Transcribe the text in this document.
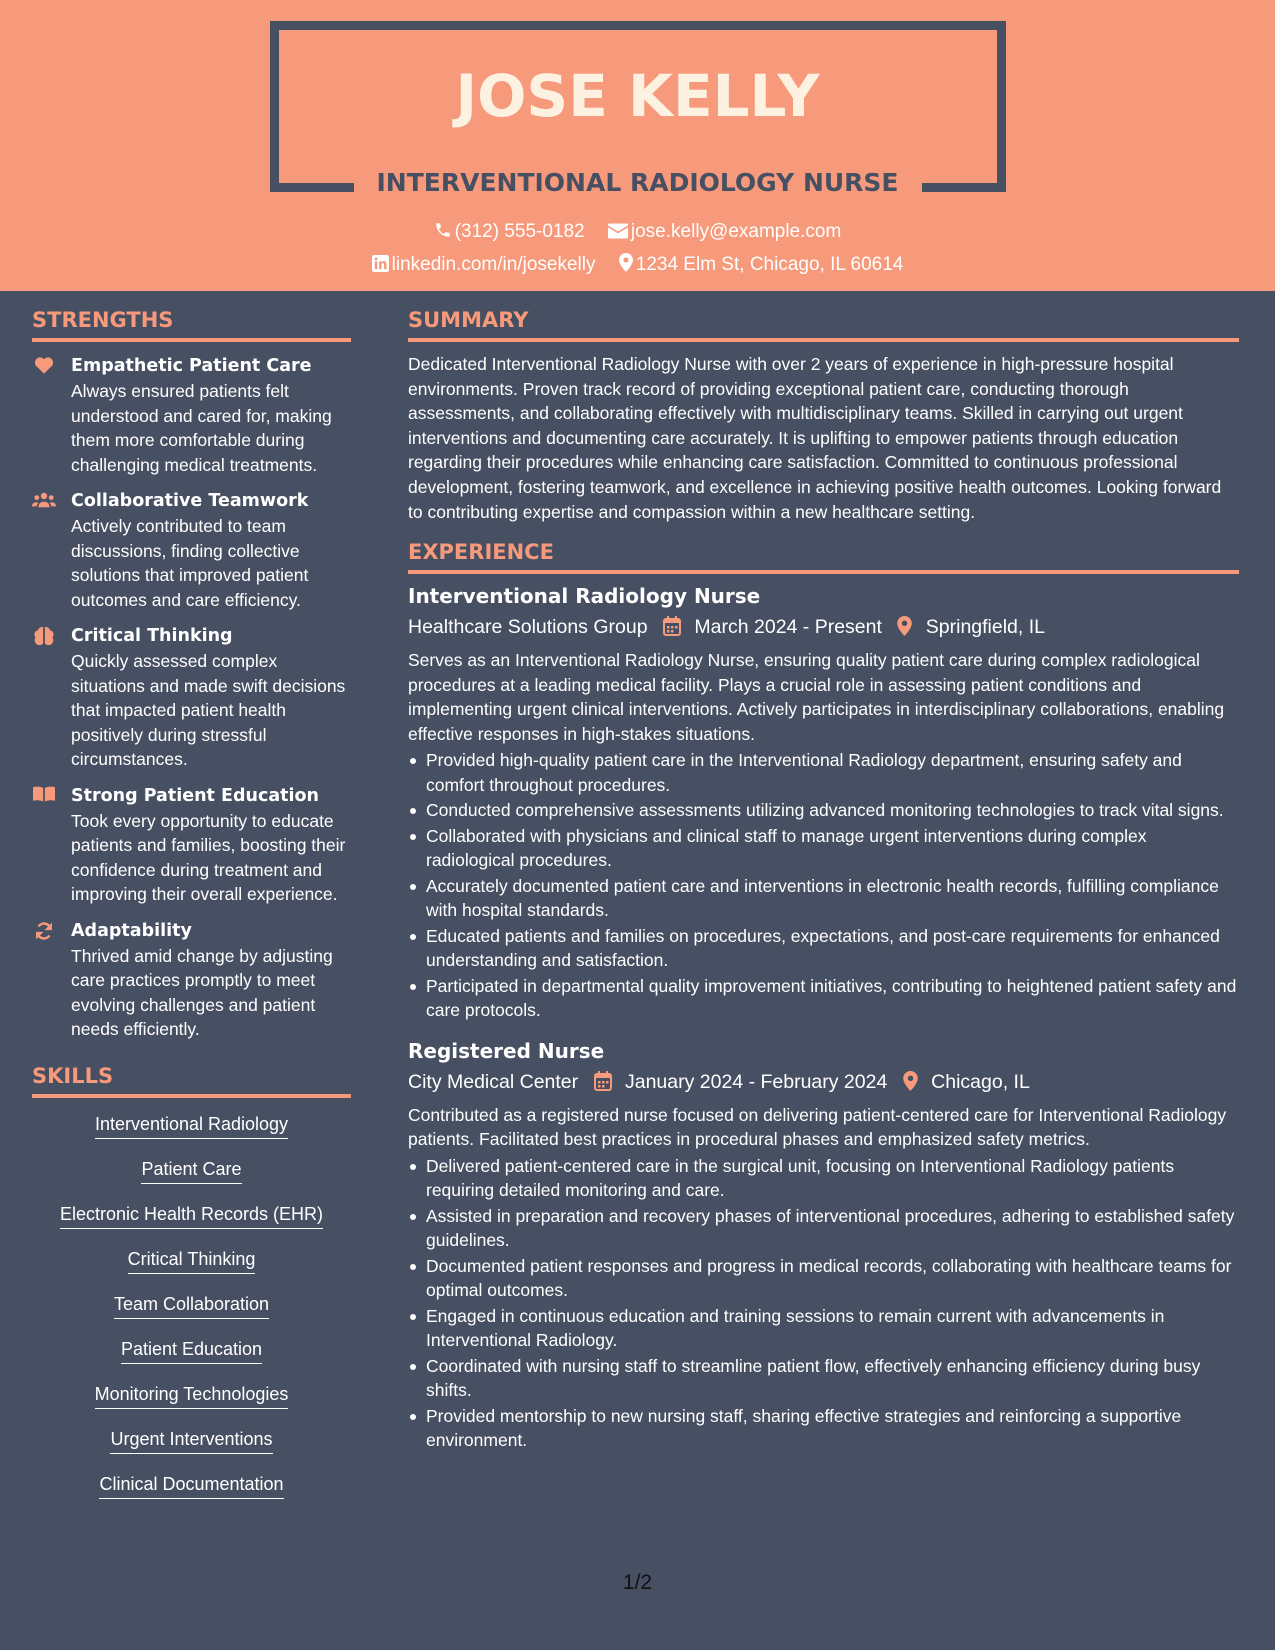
JOSE KELLY
INTERVENTIONAL RADIOLOGY NURSE
(312) 555-0182 jose.kelly@example.com
linkedin.com/in/josekelly 1234 Elm St, Chicago, IL 60614
STRENGTHS
Empathetic Patient Care
Always ensured patients felt understood and cared for, making them more comfortable during challenging medical treatments.
Collaborative Teamwork
Actively contributed to team discussions, finding collective solutions that improved patient outcomes and care efficiency.
Critical Thinking
Quickly assessed complex situations and made swift decisions that impacted patient health positively during stressful circumstances.
Strong Patient Education
Took every opportunity to educate patients and families, boosting their confidence during treatment and improving their overall experience.
Adaptability
Thrived amid change by adjusting care practices promptly to meet evolving challenges and patient needs efficiently.
SKILLS
Interventional Radiology
Patient Care
Electronic Health Records (EHR)
Critical Thinking
Team Collaboration
Patient Education
Monitoring Technologies
Urgent Interventions
Clinical Documentation
SUMMARY
Dedicated Interventional Radiology Nurse with over 2 years of experience in high-pressure hospital environments. Proven track record of providing exceptional patient care, conducting thorough assessments, and collaborating effectively with multidisciplinary teams. Skilled in carrying out urgent interventions and documenting care accurately. It is uplifting to empower patients through education regarding their procedures while enhancing care satisfaction. Committed to continuous professional development, fostering teamwork, and excellence in achieving positive health outcomes. Looking forward to contributing expertise and compassion within a new healthcare setting.
EXPERIENCE
Interventional Radiology Nurse
Healthcare Solutions Group March 2024 - Present Springfield, IL
Serves as an Interventional Radiology Nurse, ensuring quality patient care during complex radiological procedures at a leading medical facility. Plays a crucial role in assessing patient conditions and implementing urgent clinical interventions. Actively participates in interdisciplinary collaborations, enabling effective responses in high-stakes situations.
Provided high-quality patient care in the Interventional Radiology department, ensuring safety and comfort throughout procedures.
Conducted comprehensive assessments utilizing advanced monitoring technologies to track vital signs.
Collaborated with physicians and clinical staff to manage urgent interventions during complex radiological procedures.
Accurately documented patient care and interventions in electronic health records, fulfilling compliance with hospital standards.
Educated patients and families on procedures, expectations, and post-care requirements for enhanced understanding and satisfaction.
Participated in departmental quality improvement initiatives, contributing to heightened patient safety and care protocols.
Registered Nurse
City Medical Center January 2024 - February 2024 Chicago, IL
Contributed as a registered nurse focused on delivering patient-centered care for Interventional Radiology patients. Facilitated best practices in procedural phases and emphasized safety metrics.
Delivered patient-centered care in the surgical unit, focusing on Interventional Radiology patients requiring detailed monitoring and care.
Assisted in preparation and recovery phases of interventional procedures, adhering to established safety guidelines.
Documented patient responses and progress in medical records, collaborating with healthcare teams for optimal outcomes.
Engaged in continuous education and training sessions to remain current with advancements in Interventional Radiology.
Coordinated with nursing staff to streamline patient flow, effectively enhancing efficiency during busy shifts.
Provided mentorship to new nursing staff, sharing effective strategies and reinforcing a supportive environment.
1/2
